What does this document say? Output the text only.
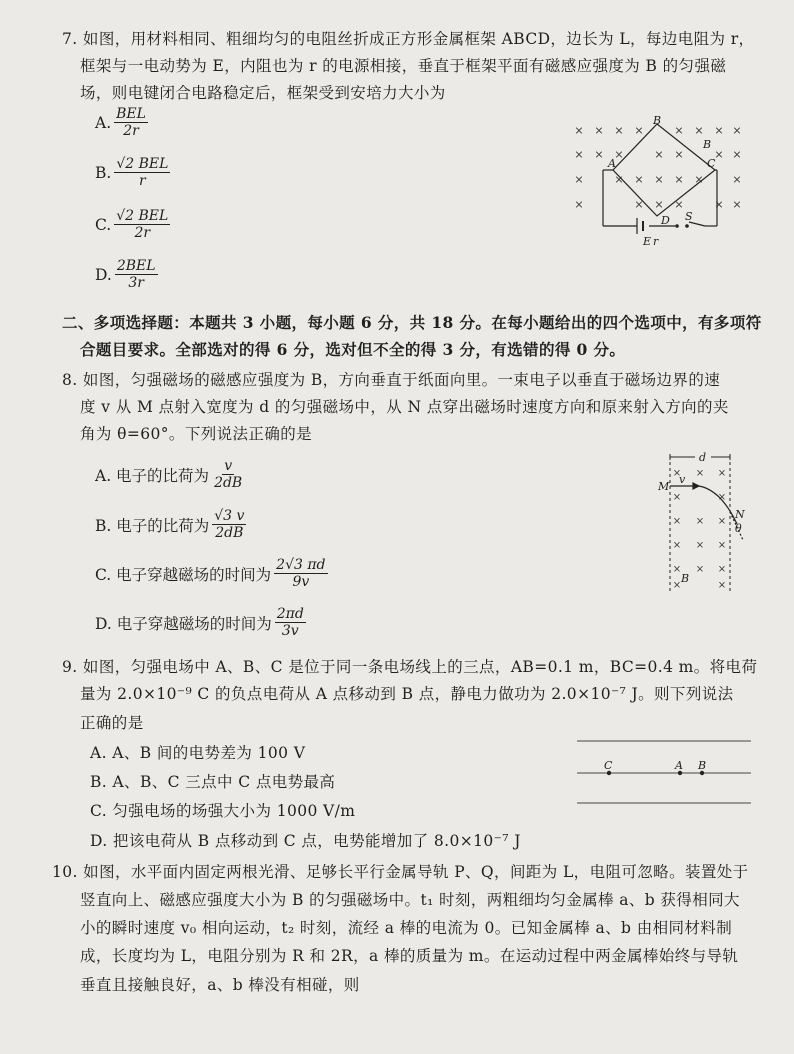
7. 如图，用材料相同、粗细均匀的电阻丝折成正方形金属框架 ABCD，边长为 L，每边电阻为 r，
框架与一电动势为 E，内阻也为 r 的电源相接，垂直于框架平面有磁感应强度为 B 的匀强磁
场，则电键闭合电路稳定后，框架受到安培力大小为
A. $\frac{\text{BEL}}{2r}$
B. $\frac{\text{√2 BEL}}{r}$
C. $\frac{\text{√2 BEL}}{2r}$
D. $\frac{\text{2BEL}}{3r}$
× × × ×	× × × ×
× × ×	× ×	× ×
×	× × × × ×	×
×	× × ×	× ×
B
B
A	C
D S
E r
二、多项选择题：本题共 3 小题，每小题 6 分，共 18 分。在每小题给出的四个选项中，有多项符
合题目要求。全部选对的得 6 分，选对但不全的得 3 分，有选错的得 0 分。
8. 如图，匀强磁场的磁感应强度为 B，方向垂直于纸面向里。一束电子以垂直于磁场边界的速
度 v 从 M 点射入宽度为 d 的匀强磁场中，从 N 点穿出磁场时速度方向和原来射入方向的夹
角为 θ=60°。下列说法正确的是
A. 电子的比荷为 $\frac{v}{2dB}$
B. 电子的比荷为 $\frac{√3 v}{2dB}$
C. 电子穿越磁场的时间为 $\frac{2√3 \pi d}{9v}$
D. 电子穿越磁场的时间为 $\frac{2\pi d}{3v}$
× × ×
×	×
× × ×
× × ×
× × ×
×	×
d
M
v
N
θ
B
9. 如图，匀强电场中 A、B、C 是位于同一条电场线上的三点，AB=0.1 m，BC=0.4 m。将电荷
量为 2.0×10⁻⁹ C 的负点电荷从 A 点移动到 B 点，静电力做功为 2.0×10⁻⁷ J。则下列说法
正确的是
A. A、B 间的电势差为 100 V
B. A、B、C 三点中 C 点电势最高
C. 匀强电场的场强大小为 1000 V/m
D. 把该电荷从 B 点移动到 C 点，电势能增加了 8.0×10⁻⁷ J
C	A B
10. 如图，水平面内固定两根光滑、足够长平行金属导轨 P、Q，间距为 L，电阻可忽略。装置处于
竖直向上、磁感应强度大小为 B 的匀强磁场中。t₁ 时刻，两粗细均匀金属棒 a、b 获得相同大
小的瞬时速度 v₀ 相向运动，t₂ 时刻，流经 a 棒的电流为 0。已知金属棒 a、b 由相同材料制
成，长度均为 L，电阻分别为 R 和 2R，a 棒的质量为 m。在运动过程中两金属棒始终与导轨
垂直且接触良好，a、b 棒没有相碰，则
